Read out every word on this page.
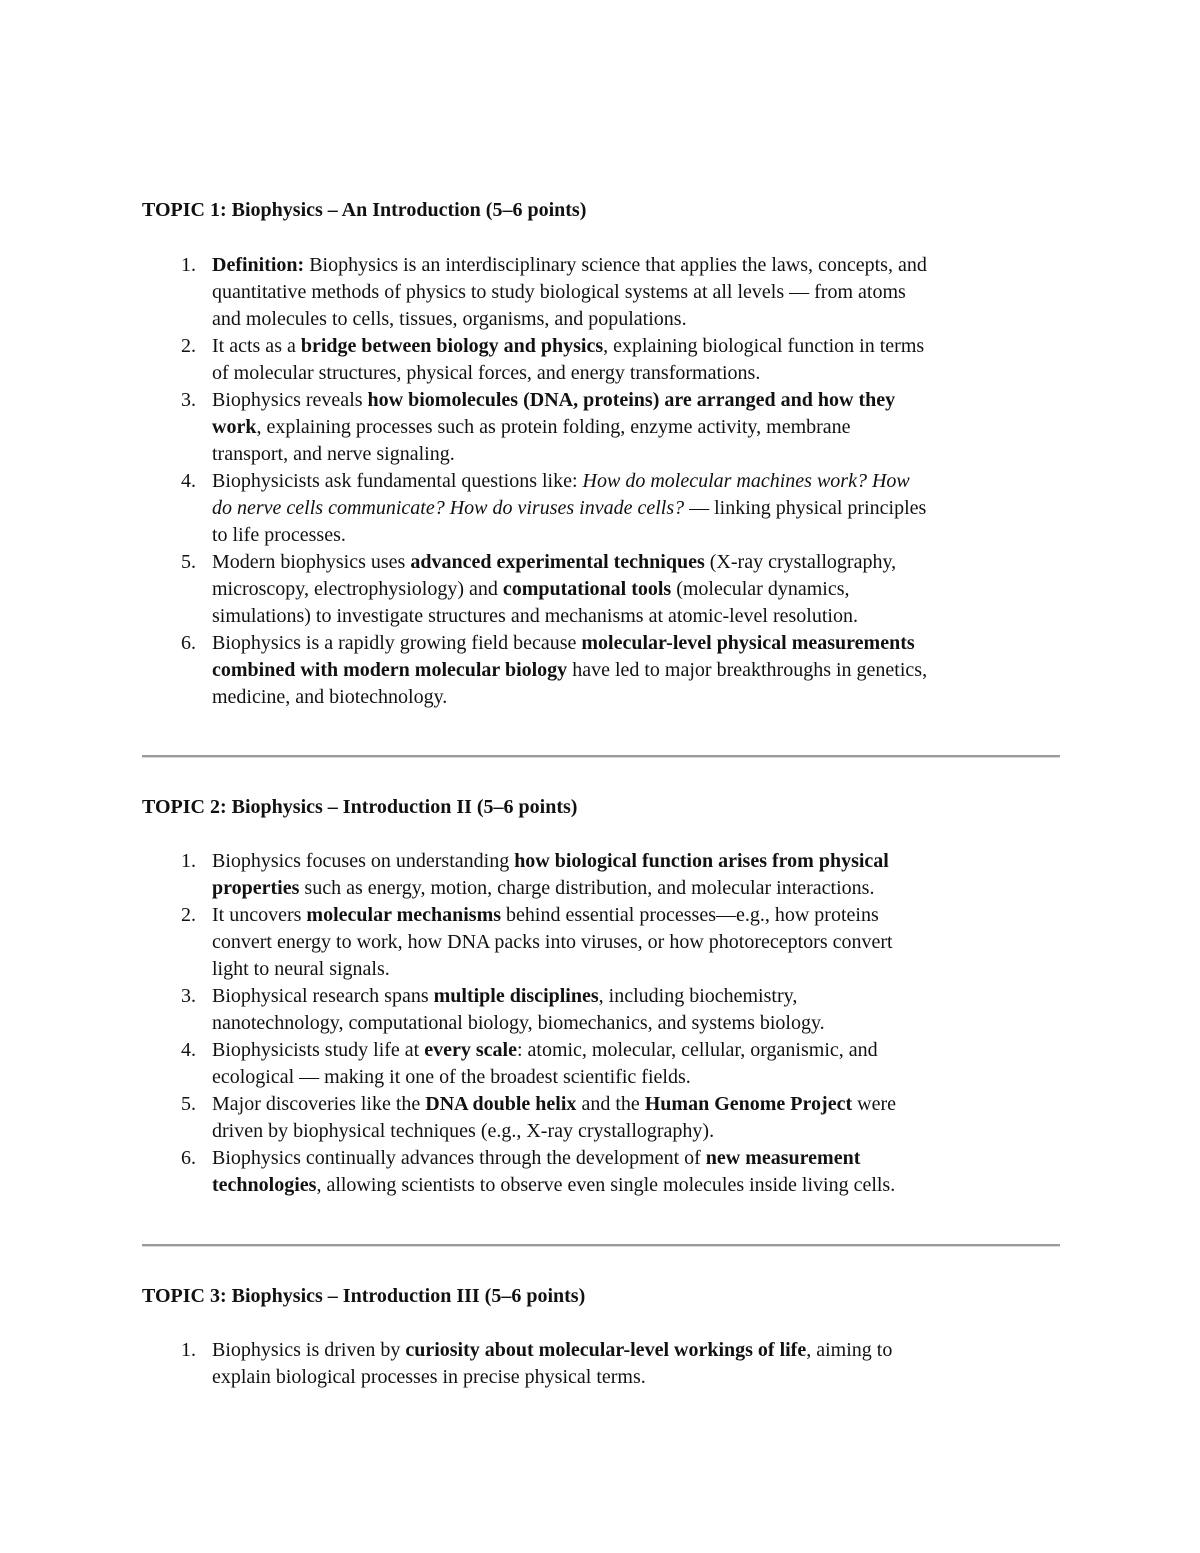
TOPIC 1: Biophysics – An Introduction (5–6 points)
1. Definition: Biophysics is an interdisciplinary science that applies the laws, concepts, and
quantitative methods of physics to study biological systems at all levels — from atoms
and molecules to cells, tissues, organisms, and populations.
2. It acts as a bridge between biology and physics, explaining biological function in terms
of molecular structures, physical forces, and energy transformations.
3. Biophysics reveals how biomolecules (DNA, proteins) are arranged and how they
work, explaining processes such as protein folding, enzyme activity, membrane
transport, and nerve signaling.
4. Biophysicists ask fundamental questions like: How do molecular machines work? How
do nerve cells communicate? How do viruses invade cells? — linking physical principles
to life processes.
5. Modern biophysics uses advanced experimental techniques (X-ray crystallography,
microscopy, electrophysiology) and computational tools (molecular dynamics,
simulations) to investigate structures and mechanisms at atomic-level resolution.
6. Biophysics is a rapidly growing field because molecular-level physical measurements
combined with modern molecular biology have led to major breakthroughs in genetics,
medicine, and biotechnology.
TOPIC 2: Biophysics – Introduction II (5–6 points)
1. Biophysics focuses on understanding how biological function arises from physical
properties such as energy, motion, charge distribution, and molecular interactions.
2. It uncovers molecular mechanisms behind essential processes—e.g., how proteins
convert energy to work, how DNA packs into viruses, or how photoreceptors convert
light to neural signals.
3. Biophysical research spans multiple disciplines, including biochemistry,
nanotechnology, computational biology, biomechanics, and systems biology.
4. Biophysicists study life at every scale: atomic, molecular, cellular, organismic, and
ecological — making it one of the broadest scientific fields.
5. Major discoveries like the DNA double helix and the Human Genome Project were
driven by biophysical techniques (e.g., X-ray crystallography).
6. Biophysics continually advances through the development of new measurement
technologies, allowing scientists to observe even single molecules inside living cells.
TOPIC 3: Biophysics – Introduction III (5–6 points)
1. Biophysics is driven by curiosity about molecular-level workings of life, aiming to
explain biological processes in precise physical terms.
